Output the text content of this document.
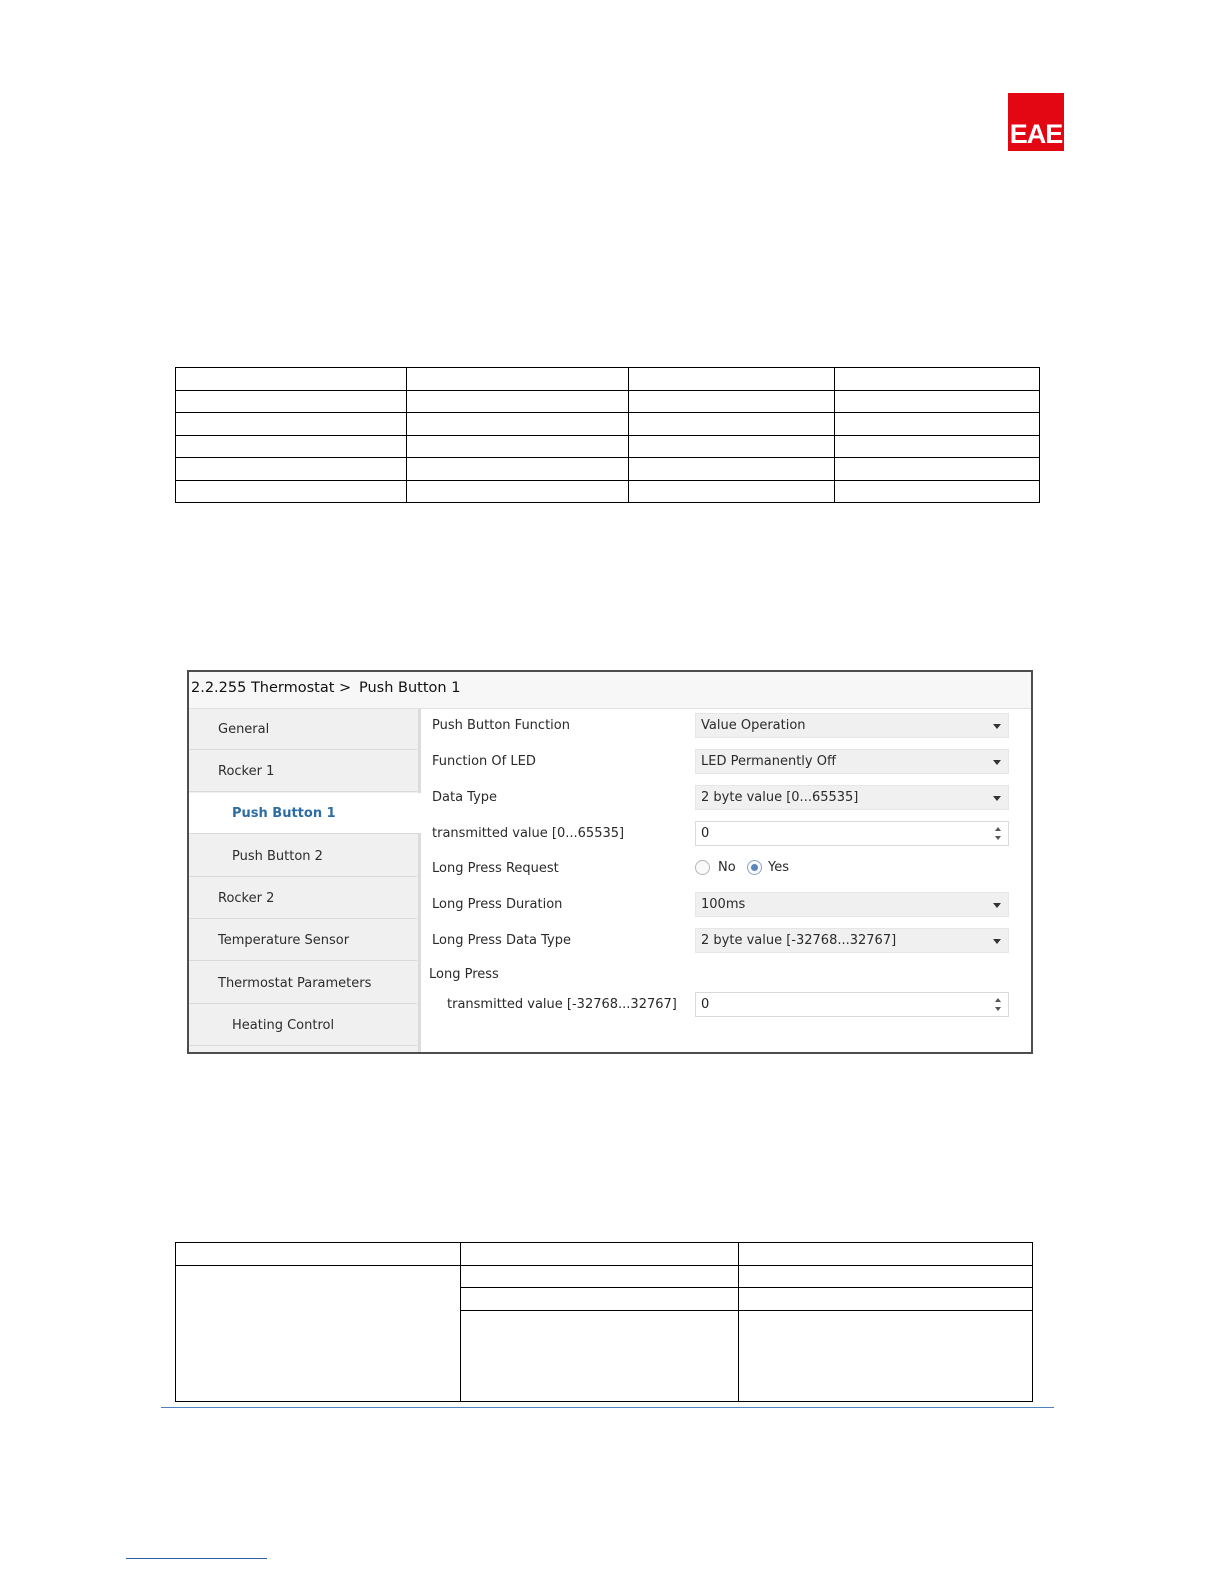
EAE

2.2.255 Thermostat > Push Button 1
General
Rocker 1
Push Button 1
Push Button 2
Rocker 2
Temperature Sensor
Thermostat Parameters
Heating Control
Push Button Function	Value Operation
Function Of LED	LED Permanently Off
Data Type	2 byte value [0...65535]
transmitted value [0...65535]	0
Long Press Request	No Yes
Long Press Duration	100ms
Long Press Data Type	2 byte value [-32768...32767]
Long Press
transmitted value [-32768...32767]	0
